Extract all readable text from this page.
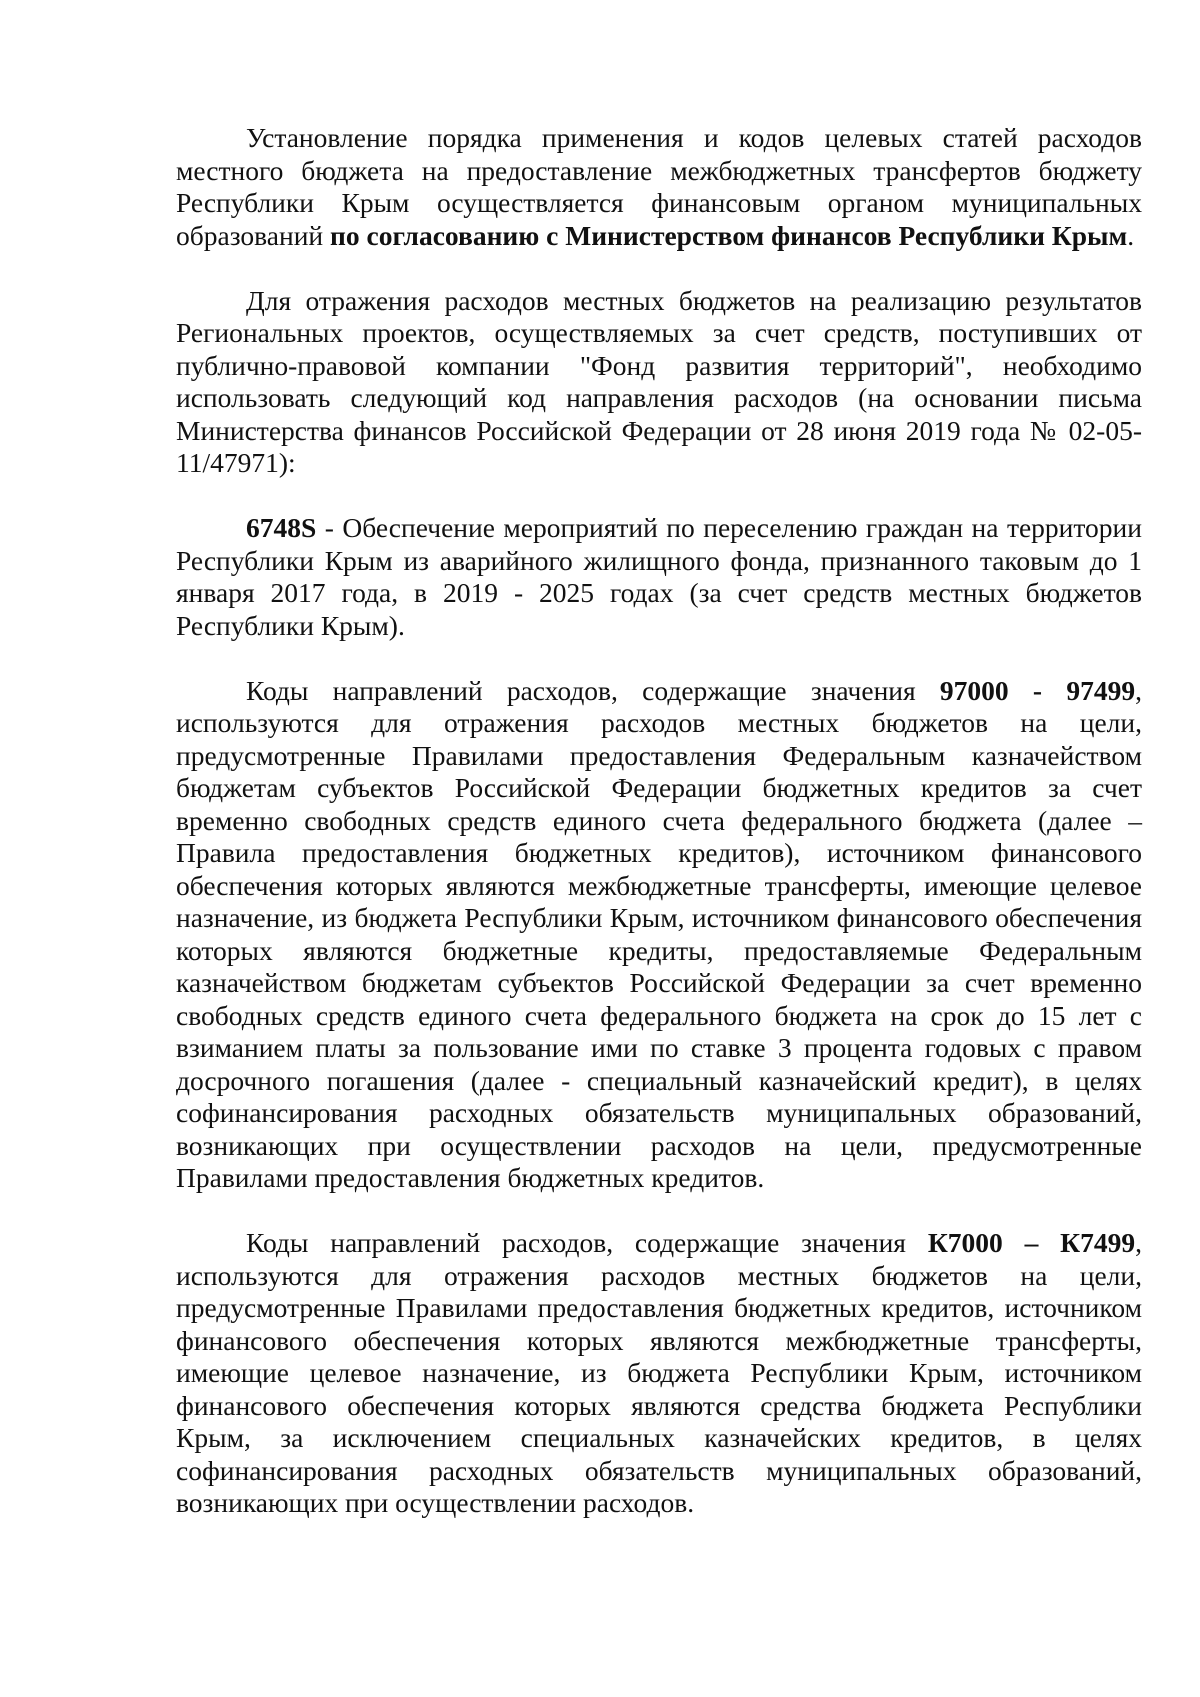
Установление порядка применения и кодов целевых статей расходов местного бюджета на предоставление межбюджетных трансфертов бюджету Республики Крым осуществляется финансовым органом муниципальных образований по согласованию с Министерством финансов Республики Крым.

Для отражения расходов местных бюджетов на реализацию результатов Региональных проектов, осуществляемых за счет средств, поступивших от публично-правовой компании "Фонд развития территорий", необходимо использовать следующий код направления расходов (на основании письма Министерства финансов Российской Федерации от 28 июня 2019 года № 02-05-11/47971):

6748S - Обеспечение мероприятий по переселению граждан на территории Республики Крым из аварийного жилищного фонда, признанного таковым до 1 января 2017 года, в 2019 - 2025 годах (за счет средств местных бюджетов Республики Крым).

Коды направлений расходов, содержащие значения 97000 - 97499, используются для отражения расходов местных бюджетов на цели, предусмотренные Правилами предоставления Федеральным казначейством бюджетам субъектов Российской Федерации бюджетных кредитов за счет временно свободных средств единого счета федерального бюджета (далее – Правила предоставления бюджетных кредитов), источником финансового обеспечения которых являются межбюджетные трансферты, имеющие целевое назначение, из бюджета Республики Крым, источником финансового обеспечения которых являются бюджетные кредиты, предоставляемые Федеральным казначейством бюджетам субъектов Российской Федерации за счет временно свободных средств единого счета федерального бюджета на срок до 15 лет с взиманием платы за пользование ими по ставке 3 процента годовых с правом досрочного погашения (далее - специальный казначейский кредит), в целях софинансирования расходных обязательств муниципальных образований, возникающих при осуществлении расходов на цели, предусмотренные Правилами предоставления бюджетных кредитов.

Коды направлений расходов, содержащие значения К7000 – К7499, используются для отражения расходов местных бюджетов на цели, предусмотренные Правилами предоставления бюджетных кредитов, источником финансового обеспечения которых являются межбюджетные трансферты, имеющие целевое назначение, из бюджета Республики Крым, источником финансового обеспечения которых являются средства бюджета Республики Крым, за исключением специальных казначейских кредитов, в целях софинансирования расходных обязательств муниципальных образований, возникающих при осуществлении расходов.
